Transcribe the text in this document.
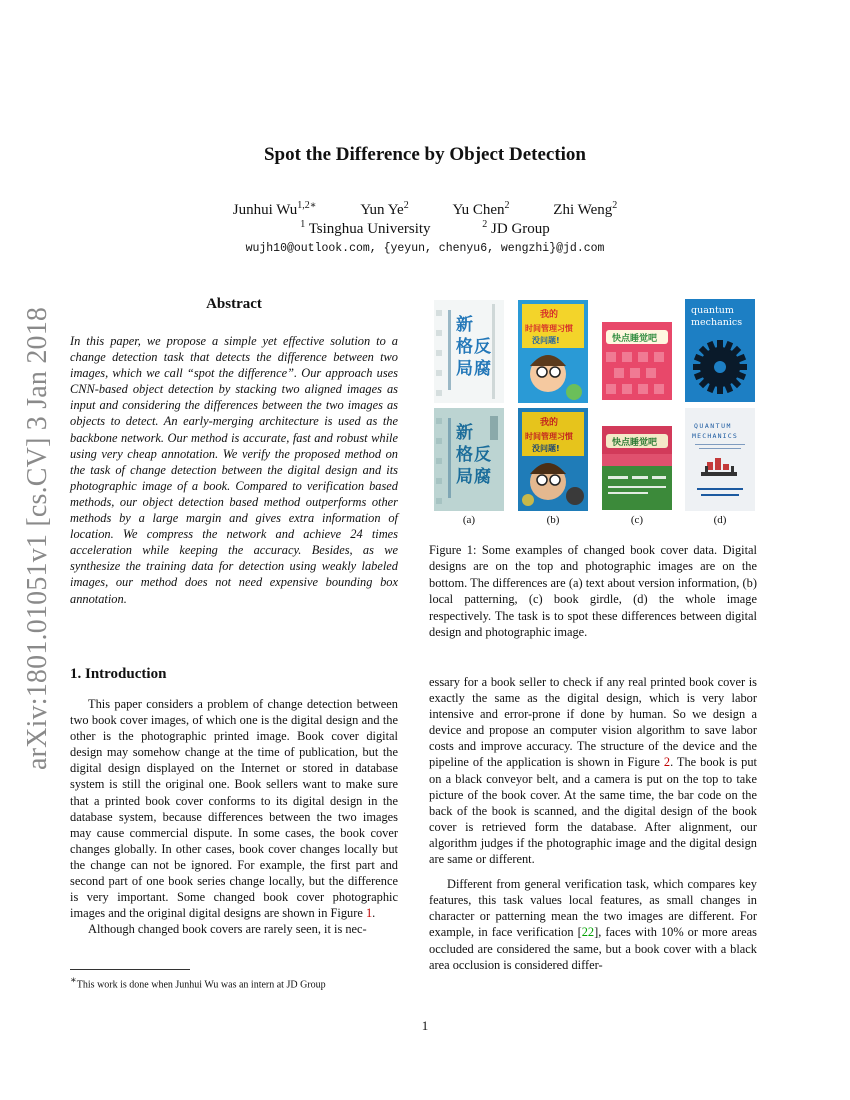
arXiv:1801.01051v1 [cs.CV] 3 Jan 2018
Spot the Difference by Object Detection
Junhui $Wu^{1,2∗}$	Yun Ye$^2$	Yu Chen$^2$	Zhi Weng$^2$
$^1$ Tsinghua University	$^2$ JD Group
wujh10@outlook.com, {yeyun, chenyu6, wengzhi}@jd.com
Abstract
In this paper, we propose a simple yet effective solution to a change detection task that detects the difference between two images, which we call “spot the difference”. Our approach uses CNN-based object detection by stacking two aligned images as input and considering the differences between the two images as objects to detect. An early-merging architecture is used as the backbone network. Our method is accurate, fast and robust while using very cheap annotation. We verify the proposed method on the task of change detection between the digital design and its photographic image of a book. Compared to verification based methods, our object detection based method outperforms other methods by a large margin and gives extra information of location. We compress the network and achieve 24 times acceleration while keeping the accuracy. Besides, as we synthesize the training data for detection using weakly labeled images, our method does not need expensive bounding box annotation.
1. Introduction

This paper considers a problem of change detection between two book cover images, of which one is the digital design and the other is the photographic printed image. Book cover digital design may somehow change at the time of publication, but the digital design displayed on the Internet or stored in database system is still the original one. Book sellers want to make sure that a printed book cover conforms to its digital design in the database system, because differences between the two images may cause commercial dispute. In some cases, the book cover changes globally. In other cases, book cover changes locally but the change can not be ignored. For example, the first part and second part of one book series change locally, but the difference is very important. Some changed book cover photographic images and the original digital designs are shown in Figure 1.

Although changed book covers are rarely seen, it is nec-

∗This work is done when Junhui Wu was an intern at JD Group
新
格
局
反
腐
我的
时间管理习惯
没问题!	快点睡觉吧
quantum
mechanics
新
格
局
反
腐
我的
时间管理习惯
没问题!
快点睡觉吧
QUANTUM
MECHANICS
(a)	(b)	(c)	(d)
Figure 1: Some examples of changed book cover data. Digital designs are on the top and photographic images are on the bottom. The differences are (a) text about version information, (b) local patterning, (c) book girdle, (d) the whole image respectively. The task is to spot these differences between digital design and photographic image.

essary for a book seller to check if any real printed book cover is exactly the same as the digital design, which is very labor intensive and error-prone if done by human. So we design a device and propose an computer vision algorithm to save labor costs and improve accuracy. The structure of the device and the pipeline of the application is shown in Figure 2. The book is put on a black conveyor belt, and a camera is put on the top to take picture of the book cover. At the same time, the bar code on the back of the book is scanned, and the digital design of the book cover is retrieved form the database. After alignment, our algorithm judges if the photographic image and the digital design are same or different.

Different from general verification task, which compares key features, this task values local features, as small changes in character or patterning mean the two images are different. For example, in face verification [22], faces with 10% or more areas occluded are considered the same, but a book cover with a black area occlusion is considered differ-

1
